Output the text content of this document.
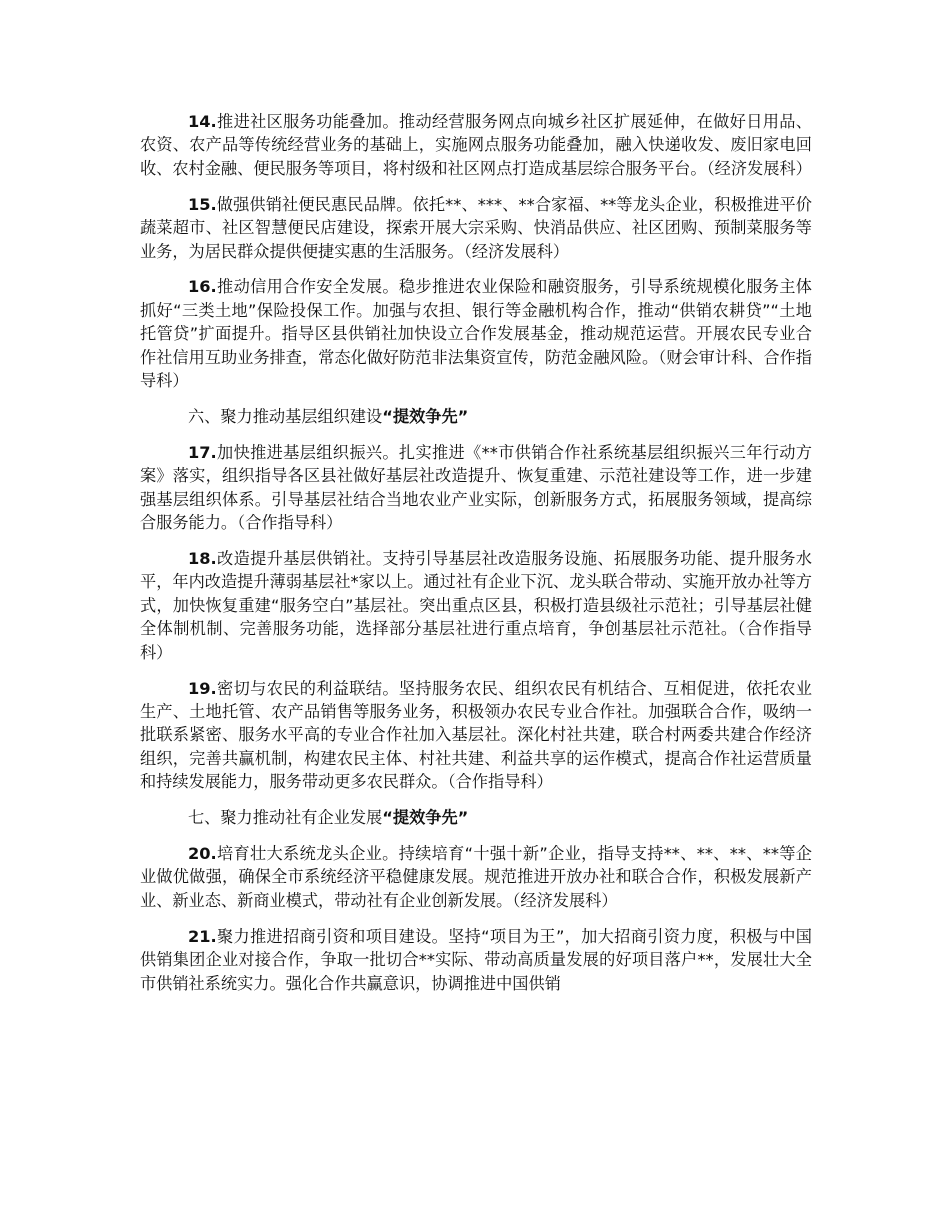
14.推进社区服务功能叠加。推动经营服务网点向城乡社区扩展延伸，在做好日用品、农资、农产品等传统经营业务的基础上，实施网点服务功能叠加，融入快递收发、废旧家电回收、农村金融、便民服务等项目，将村级和社区网点打造成基层综合服务平台。（经济发展科）

15.做强供销社便民惠民品牌。依托**、***、**合家福、**等龙头企业，积极推进平价蔬菜超市、社区智慧便民店建设，探索开展大宗采购、快消品供应、社区团购、预制菜服务等业务，为居民群众提供便捷实惠的生活服务。（经济发展科）

16.推动信用合作安全发展。稳步推进农业保险和融资服务，引导系统规模化服务主体抓好“三类土地”保险投保工作。加强与农担、银行等金融机构合作，推动“供销农耕贷”“土地托管贷”扩面提升。指导区县供销社加快设立合作发展基金，推动规范运营。开展农民专业合作社信用互助业务排查，常态化做好防范非法集资宣传，防范金融风险。（财会审计科、合作指导科）

六、聚力推动基层组织建设“提效争先”

17.加快推进基层组织振兴。扎实推进《**市供销合作社系统基层组织振兴三年行动方案》落实，组织指导各区县社做好基层社改造提升、恢复重建、示范社建设等工作，进一步建强基层组织体系。引导基层社结合当地农业产业实际，创新服务方式，拓展服务领域，提高综合服务能力。（合作指导科）

18.改造提升基层供销社。支持引导基层社改造服务设施、拓展服务功能、提升服务水平，年内改造提升薄弱基层社*家以上。通过社有企业下沉、龙头联合带动、实施开放办社等方式，加快恢复重建“服务空白”基层社。突出重点区县，积极打造县级社示范社；引导基层社健全体制机制、完善服务功能，选择部分基层社进行重点培育，争创基层社示范社。（合作指导科）

19.密切与农民的利益联结。坚持服务农民、组织农民有机结合、互相促进，依托农业生产、土地托管、农产品销售等服务业务，积极领办农民专业合作社。加强联合合作，吸纳一批联系紧密、服务水平高的专业合作社加入基层社。深化村社共建，联合村两委共建合作经济组织，完善共赢机制，构建农民主体、村社共建、利益共享的运作模式，提高合作社运营质量和持续发展能力，服务带动更多农民群众。（合作指导科）

七、聚力推动社有企业发展“提效争先”

20.培育壮大系统龙头企业。持续培育“十强十新”企业，指导支持**、**、**、**等企业做优做强，确保全市系统经济平稳健康发展。规范推进开放办社和联合合作，积极发展新产业、新业态、新商业模式，带动社有企业创新发展。（经济发展科）

21.聚力推进招商引资和项目建设。坚持“项目为王”，加大招商引资力度，积极与中国供销集团企业对接合作，争取一批切合**实际、带动高质量发展的好项目落户**，发展壮大全市供销社系统实力。强化合作共赢意识，协调推进中国供销
